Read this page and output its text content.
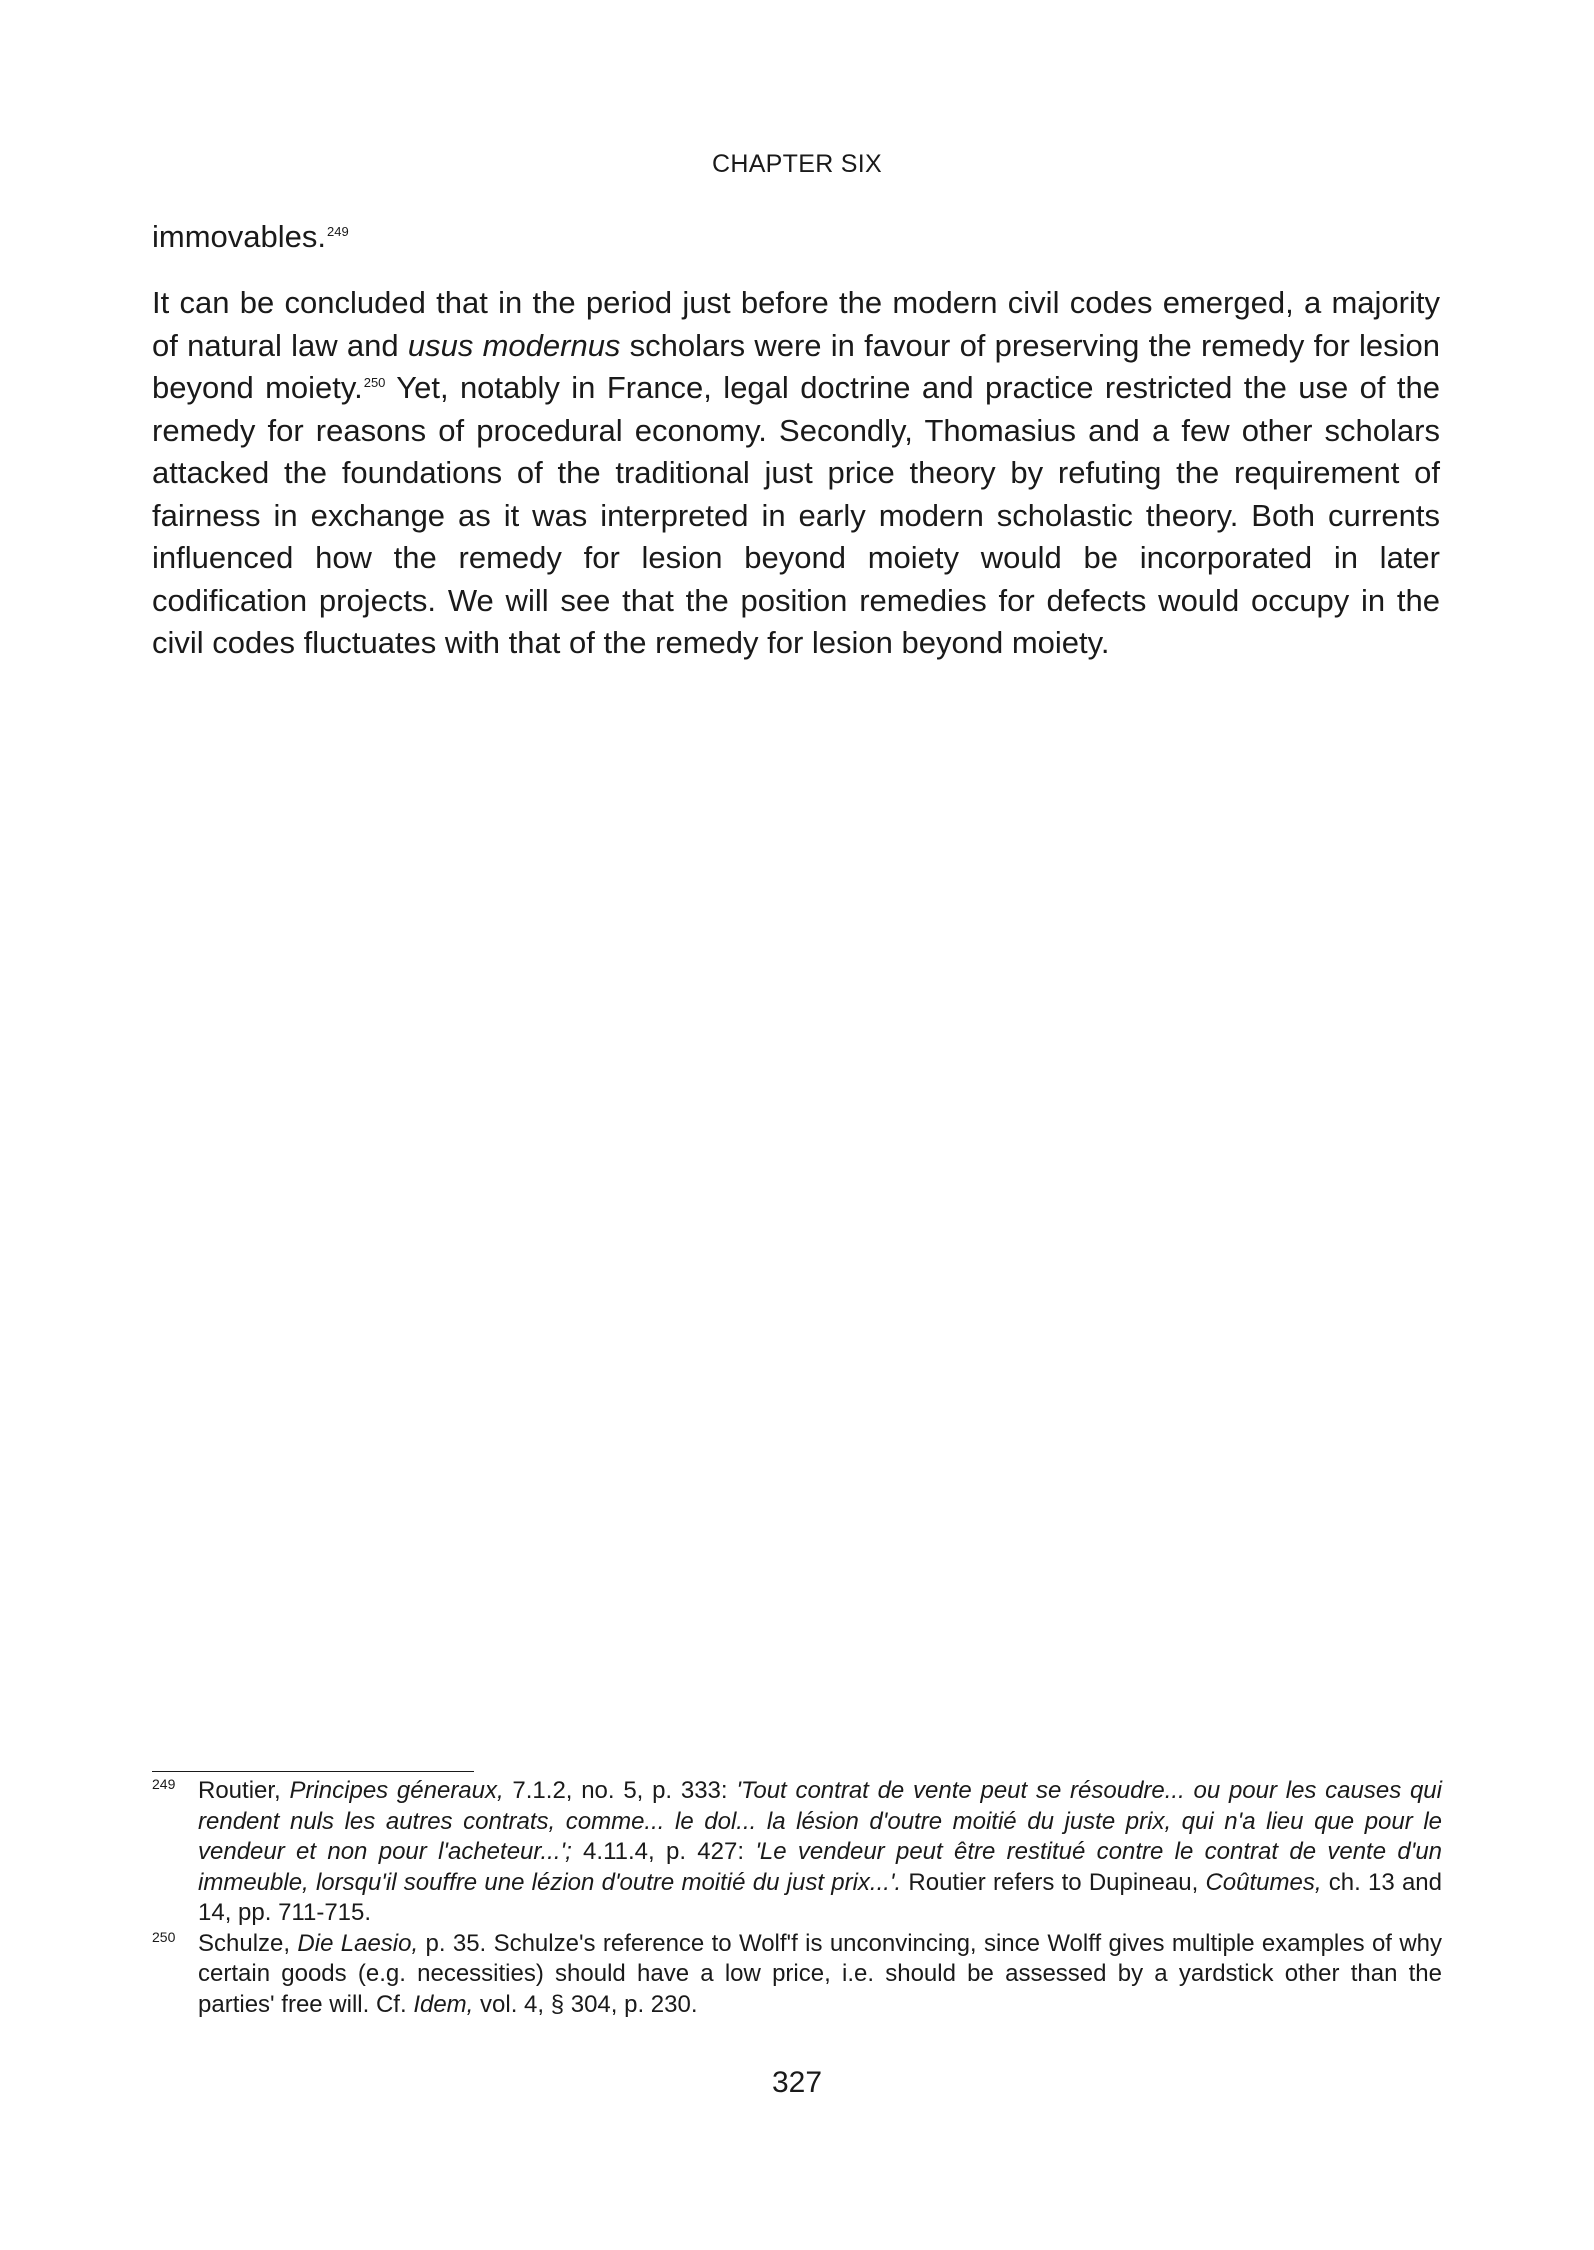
CHAPTER SIX

immovables.$^{249}$

It can be concluded that in the period just before the modern civil codes emerged, a majority of natural law and usus modernus scholars were in favour of preserving the remedy for lesion beyond moiety.$^{250}$ Yet, notably in France, legal doctrine and practice restricted the use of the remedy for reasons of procedural economy. Secondly, Thomasius and a few other scholars attacked the foundations of the traditional just price theory by refuting the requirement of fairness in exchange as it was interpreted in early modern scholastic theory. Both currents influenced how the remedy for lesion beyond moiety would be incorporated in later codification projects. We will see that the position remedies for defects would occupy in the civil codes fluctuates with that of the remedy for lesion beyond moiety.

249 Routier, Principes géneraux, 7.1.2, no. 5, p. 333: 'Tout contrat de vente peut se résoudre... ou pour les causes qui rendent nuls les autres contrats, comme... le dol... la lésion d'outre moitié du juste prix, qui n'a lieu que pour le vendeur et non pour l'acheteur...'; 4.11.4, p. 427: 'Le vendeur peut être restitué contre le contrat de vente d'un immeuble, lorsqu'il souffre une lézion d'outre moitié du just prix...'. Routier refers to Dupineau, Coûtumes, ch. 13 and 14, pp. 711-715.
250 Schulze, Die Laesio, p. 35. Schulze's reference to Wolf'f is unconvincing, since Wolff gives multiple examples of why certain goods (e.g. necessities) should have a low price, i.e. should be assessed by a yardstick other than the parties' free will. Cf. Idem, vol. 4, § 304, p. 230.
327
